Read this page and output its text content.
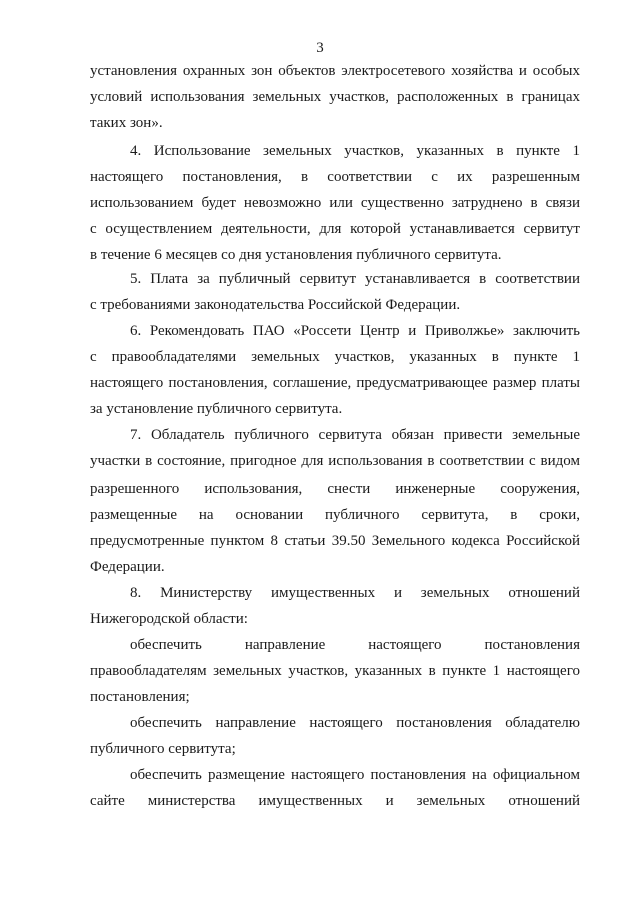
3
установления охранных зон объектов электросетевого хозяйства и особых
условий использования земельных участков, расположенных в границах
таких зон».
4. Использование земельных участков, указанных в пункте 1
настоящего постановления, в соответствии с их разрешенным
использованием будет невозможно или существенно затруднено в связи
с осуществлением деятельности, для которой устанавливается сервитут
в течение 6 месяцев со дня установления публичного сервитута.
5. Плата за публичный сервитут устанавливается в соответствии
с требованиями законодательства Российской Федерации.
6. Рекомендовать ПАО «Россети Центр и Приволжье» заключить
с правообладателями земельных участков, указанных в пункте 1
настоящего постановления, соглашение, предусматривающее размер платы
за установление публичного сервитута.
7. Обладатель публичного сервитута обязан привести земельные
участки в состояние, пригодное для использования в соответствии с видом
разрешенного использования, снести инженерные сооружения,
размещенные на основании публичного сервитута, в сроки,
предусмотренные пунктом 8 статьи 39.50 Земельного кодекса Российской
Федерации.
8. Министерству имущественных и земельных отношений
Нижегородской области:
обеспечить направление настоящего постановления
правообладателям земельных участков, указанных в пункте 1 настоящего
постановления;
обеспечить направление настоящего постановления обладателю
публичного сервитута;
обеспечить размещение настоящего постановления на официальном
сайте министерства имущественных и земельных отношений
